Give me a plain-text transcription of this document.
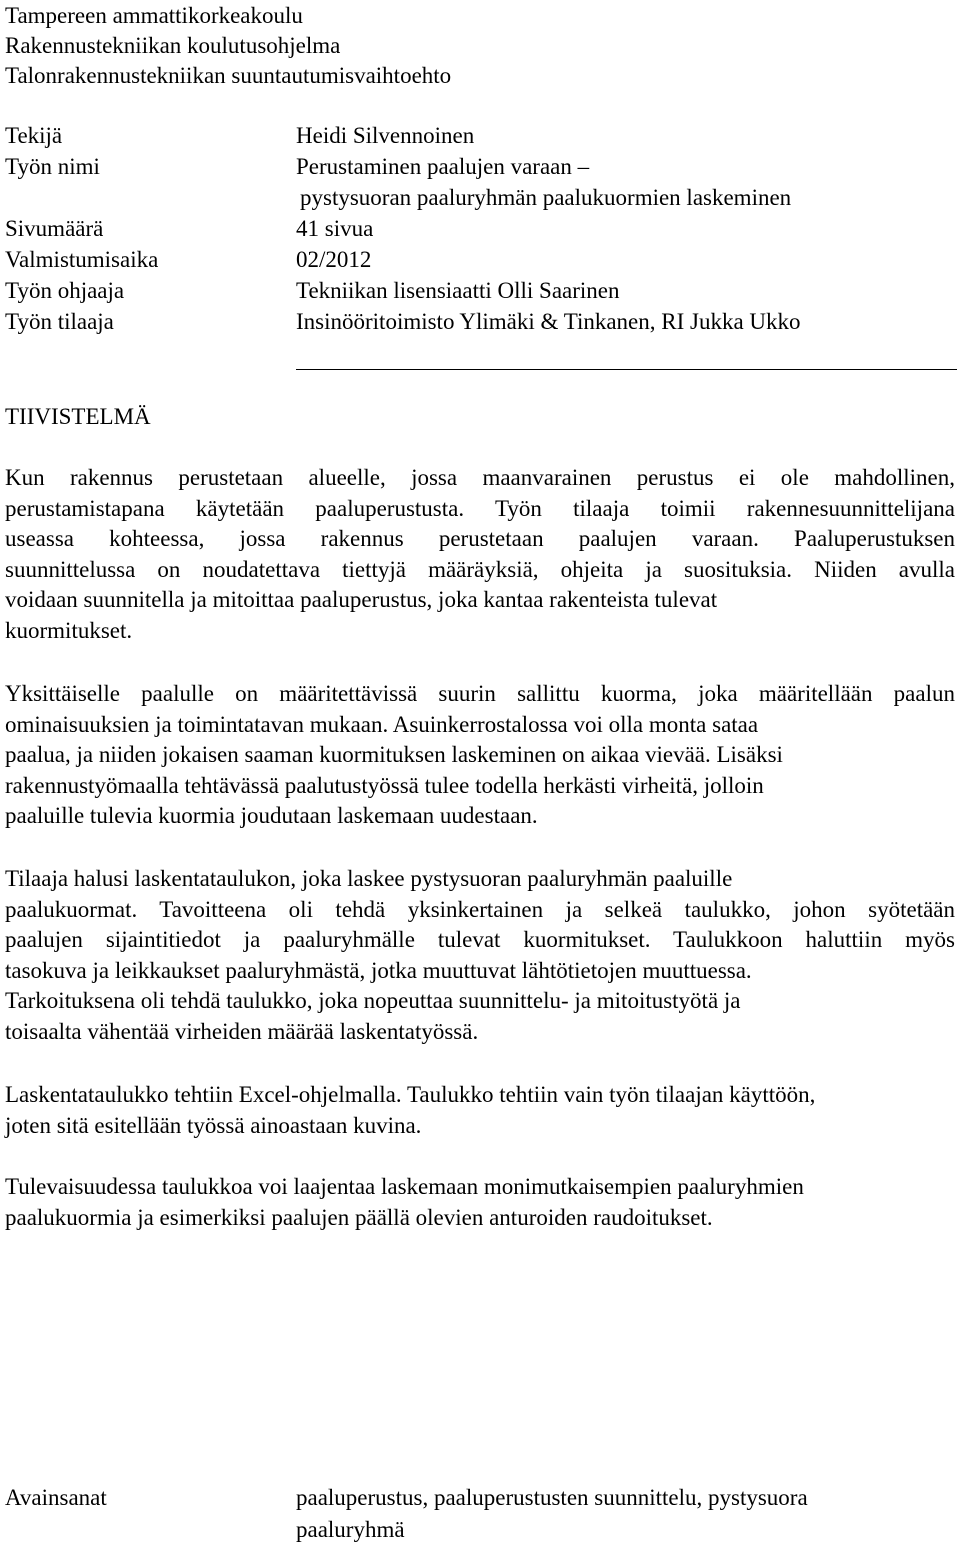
Tampereen ammattikorkeakoulu
Rakennustekniikan koulutusohjelma
Talonrakennustekniikan suuntautumisvaihtoehto
Tekijä	Heidi Silvennoinen
Työn nimi	Perustaminen paalujen varaan –
pystysuoran paaluryhmän paalukuormien laskeminen
Sivumäärä	41 sivua
Valmistumisaika	02/2012
Työn ohjaaja	Tekniikan lisensiaatti Olli Saarinen
Työn tilaaja	Insinööritoimisto Ylimäki & Tinkanen, RI Jukka Ukko
TIIVISTELMÄ

Kun rakennus perustetaan alueelle, jossa maanvarainen perustus ei ole mahdollinen,
perustamistapana käytetään paaluperustusta. Työn tilaaja toimii rakennesuunnittelijana
useassa kohteessa, jossa rakennus perustetaan paalujen varaan. Paaluperustuksen
suunnittelussa on noudatettava tiettyjä määräyksiä, ohjeita ja suosituksia. Niiden avulla
voidaan suunnitella ja mitoittaa paaluperustus, joka kantaa rakenteista tulevat
kuormitukset.

Yksittäiselle paalulle on määritettävissä suurin sallittu kuorma, joka määritellään paalun
ominaisuuksien ja toimintatavan mukaan. Asuinkerrostalossa voi olla monta sataa
paalua, ja niiden jokaisen saaman kuormituksen laskeminen on aikaa vievää. Lisäksi
rakennustyömaalla tehtävässä paalutustyössä tulee todella herkästi virheitä, jolloin
paaluille tulevia kuormia joudutaan laskemaan uudestaan.

Tilaaja halusi laskentataulukon, joka laskee pystysuoran paaluryhmän paaluille
paalukuormat. Tavoitteena oli tehdä yksinkertainen ja selkeä taulukko, johon syötetään
paalujen sijaintitiedot ja paaluryhmälle tulevat kuormitukset. Taulukkoon haluttiin myös
tasokuva ja leikkaukset paaluryhmästä, jotka muuttuvat lähtötietojen muuttuessa.
Tarkoituksena oli tehdä taulukko, joka nopeuttaa suunnittelu- ja mitoitustyötä ja
toisaalta vähentää virheiden määrää laskentatyössä.

Laskentataulukko tehtiin Excel-ohjelmalla. Taulukko tehtiin vain työn tilaajan käyttöön,
joten sitä esitellään työssä ainoastaan kuvina.

Tulevaisuudessa taulukkoa voi laajentaa laskemaan monimutkaisempien paaluryhmien
paalukuormia ja esimerkiksi paalujen päällä olevien anturoiden raudoitukset.

Avainsanat	paaluperustus, paaluperustusten suunnittelu, pystysuora paaluryhmä
